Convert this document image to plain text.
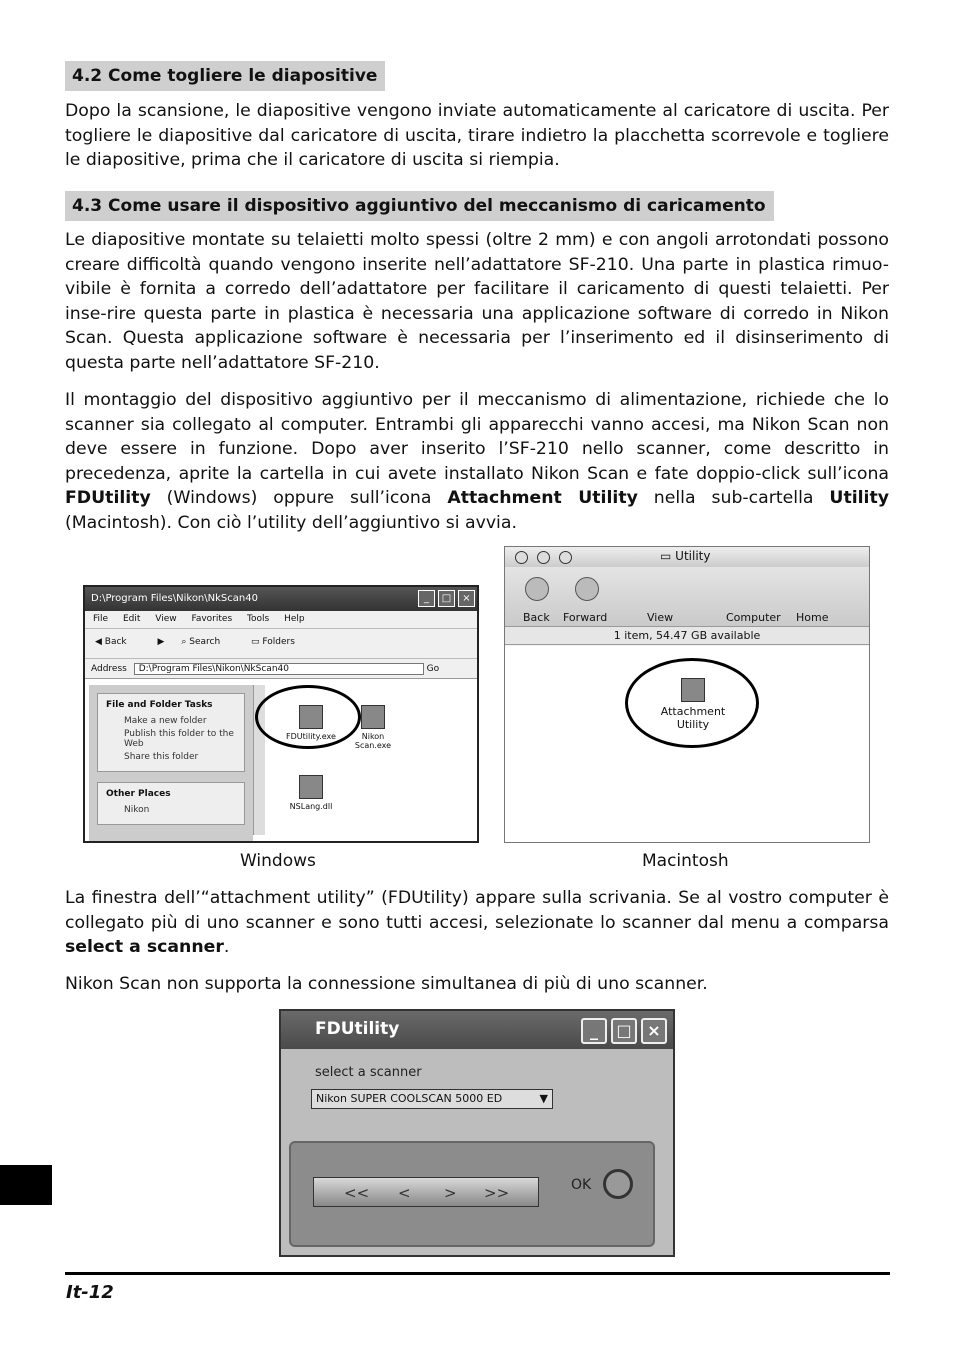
4.2 Come togliere le diapositive

Dopo la scansione, le diapositive vengono inviate automaticamente al caricatore di uscita. Per togliere le diapositive dal caricatore di uscita, tirare indietro la placchetta scorrevole e togliere le diapositive, prima che il caricatore di uscita si riempia.

4.3 Come usare il dispositivo aggiuntivo del meccanismo di caricamento

Le diapositive montate su telaietti molto spessi (oltre 2 mm) e con angoli arrotondati possono creare difficoltà quando vengono inserite nell’adattatore SF-210. Una parte in plastica rimuo-vibile è fornita a corredo dell’adattatore per facilitare il caricamento di questi telaietti. Per inse-rire questa parte in plastica è necessaria una applicazione software di corredo in Nikon Scan. Questa applicazione software è necessaria per l’inserimento ed il disinserimento di questa parte nell’adattatore SF-210.

Il montaggio del dispositivo aggiuntivo per il meccanismo di alimentazione, richiede che lo scanner sia collegato al computer. Entrambi gli apparecchi vanno accesi, ma Nikon Scan non deve essere in funzione. Dopo aver inserito l’SF-210 nello scanner, come descritto in precedenza, aprite la cartella in cui avete installato Nikon Scan e fate doppio-click sull’icona FDUtility (Windows) oppure sull’icona Attachment Utility nella sub-cartella Utility (Macintosh). Con ciò l’utility dell’aggiuntivo si avvia.

D:\Program Files\Nikon\NkScan40	_	□	×
File Edit View Favorites Tools Help
◀ Back	▶ ⌕ Search	▭ Folders
Address D:\Program Files\Nikon\NkScan40	Go
File and Folder Tasks
Make a new folder
Publish this folder to the Web
Share this folder
Other Places
Nikon
FDUtility.exe	Nikon Scan.exe
NSLang.dll
Windows
▭ Utility
Back Forward	View	Computer Home
1 item, 54.47 GB available
Attachment Utility
Macintosh

La finestra dell’“attachment utility” (FDUtility) appare sulla scrivania. Se al vostro computer è collegato più di uno scanner e sono tutti accesi, selezionate lo scanner dal menu a comparsa select a scanner.

Nikon Scan non supporta la connessione simultanea di più di uno scanner.

FDUtility	_	□ ×
select a scanner
Nikon SUPER COOLSCAN 5000 ED	▼
<< < > >>	OK
It-12
